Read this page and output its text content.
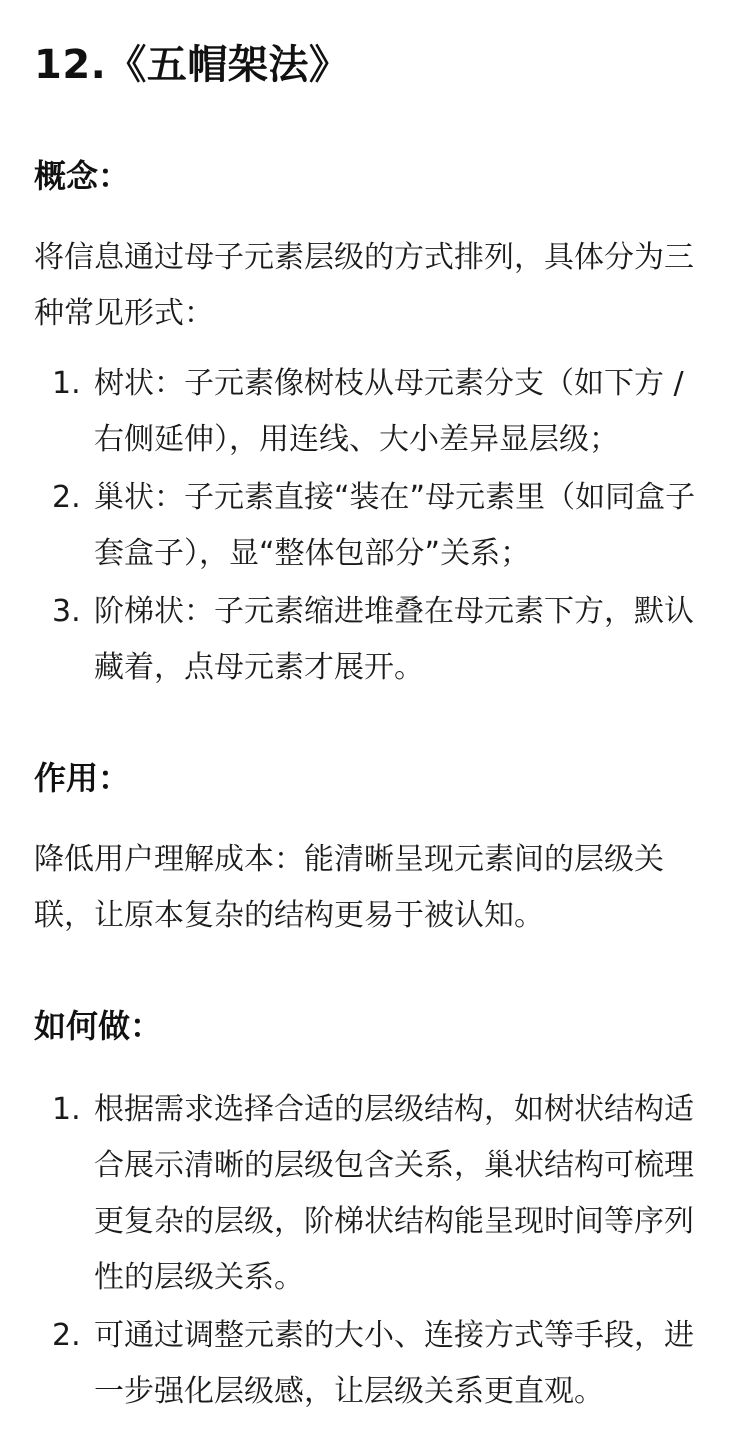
12.《五帽架法》
概念：

将信息通过母子元素层级的方式排列，具体分为三种常见形式：

1. 树状：子元素像树枝从母元素分支（如下方 / 右侧延伸），用连线、大小差异显层级；
2. 巢状：子元素直接“装在”母元素里（如同盒子套盒子），显“整体包部分”关系；
3. 阶梯状：子元素缩进堆叠在母元素下方，默认藏着，点母元素才展开。
作用：

降低用户理解成本：能清晰呈现元素间的层级关联，让原本复杂的结构更易于被认知。

如何做：
1. 根据需求选择合适的层级结构，如树状结构适合展示清晰的层级包含关系，巢状结构可梳理更复杂的层级，阶梯状结构能呈现时间等序列性的层级关系。
2. 可通过调整元素的大小、连接方式等手段，进一步强化层级感，让层级关系更直观。
